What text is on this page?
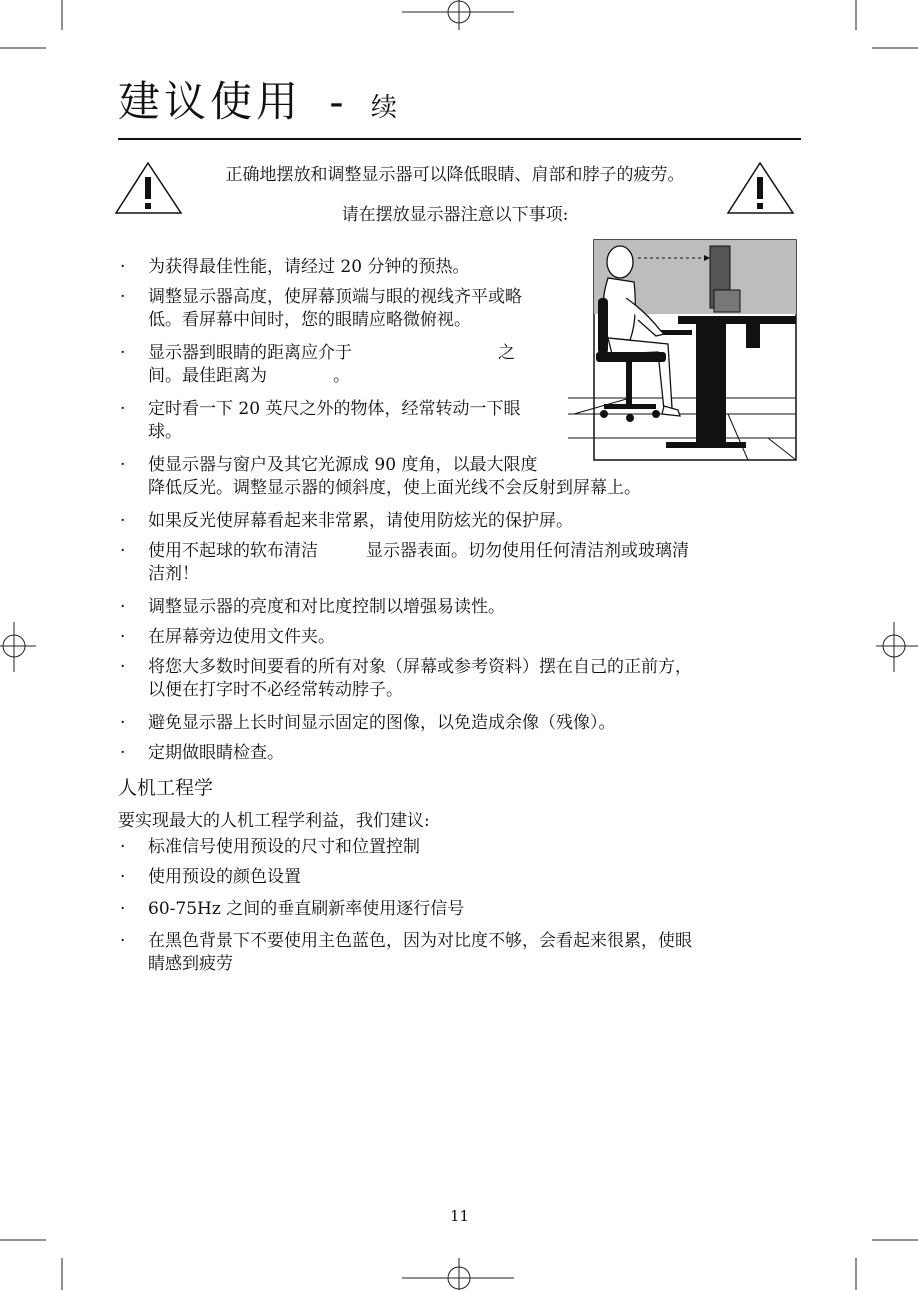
建议使用 - 续
正确地摆放和调整显示器可以降低眼睛、肩部和脖子的疲劳。
请在摆放显示器注意以下事项:
· 为获得最佳性能，请经过 20 分钟的预热。
· 调整显示器高度，使屏幕顶端与眼的视线齐平或略
低。看屏幕中间时，您的眼睛应略微俯视。
· 显示器到眼睛的距离应介于	之
间。最佳距离为	。
· 定时看一下 20 英尺之外的物体，经常转动一下眼
球。
· 使显示器与窗户及其它光源成 90 度角，以最大限度
降低反光。调整显示器的倾斜度，使上面光线不会反射到屏幕上。
· 如果反光使屏幕看起来非常累，请使用防炫光的保护屏。
· 使用不起球的软布清洁	显示器表面。切勿使用任何清洁剂或玻璃清
洁剂！
· 调整显示器的亮度和对比度控制以增强易读性。
· 在屏幕旁边使用文件夹。
· 将您大多数时间要看的所有对象（屏幕或参考资料）摆在自己的正前方，
以便在打字时不必经常转动脖子。
· 避免显示器上长时间显示固定的图像，以免造成余像（残像）。
· 定期做眼睛检查。
人机工程学
要实现最大的人机工程学利益，我们建议:
· 标准信号使用预设的尺寸和位置控制
· 使用预设的颜色设置
· 60-75Hz 之间的垂直刷新率使用逐行信号
· 在黑色背景下不要使用主色蓝色，因为对比度不够，会看起来很累，使眼
睛感到疲劳
11
